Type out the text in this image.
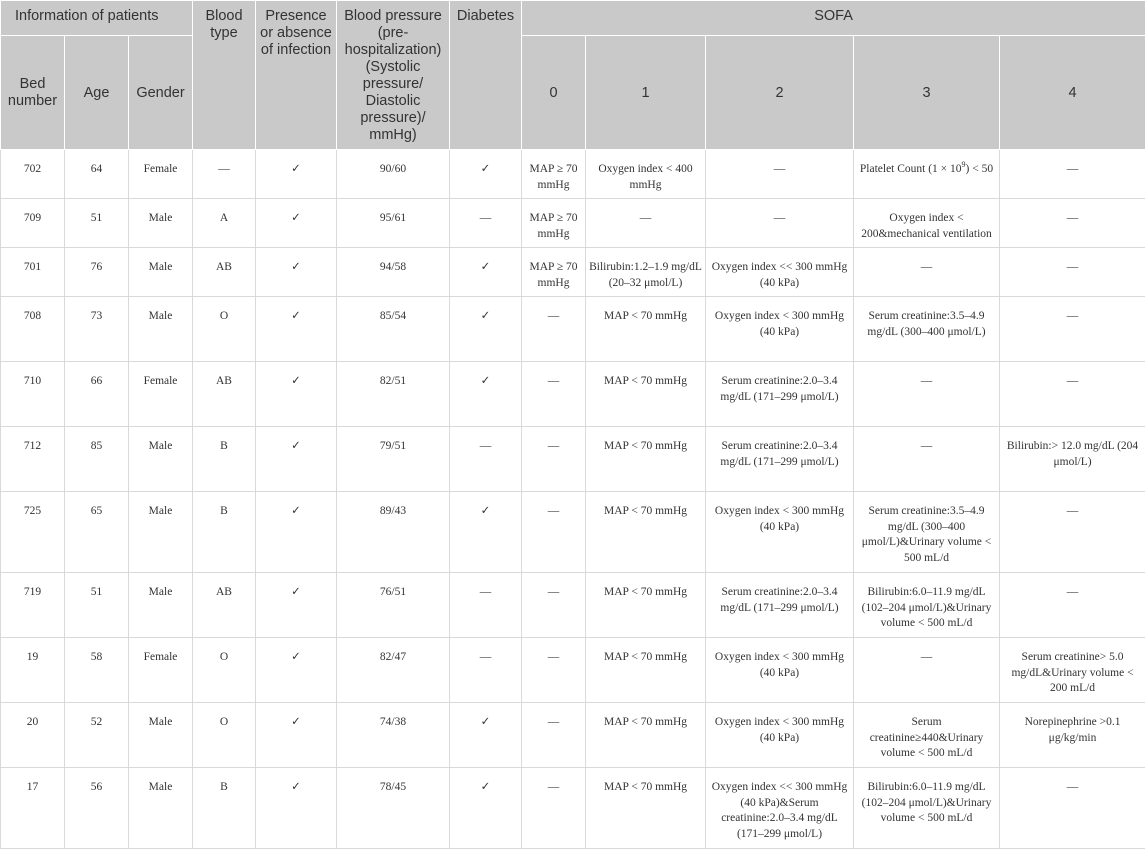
Information of patients			Blood type	Presence or absence of infection	Blood pressure (pre-hospitalization) (Systolic pressure/ Diastolic pressure)/ mmHg)	Diabetes	SOFA				
Bed number	Age	Gender					0	1	2	3	4
702	64	Female	—	✓	90/60	✓	MAP ≥ 70 mmHg	Oxygen index < 400 mmHg	—	Platelet Count $(1 \times 10^9) < 50$	—
709	51	Male	A	✓	95/61	—	MAP ≥ 70 mmHg	—	—	Oxygen index < 200&mechanical ventilation	—
701	76	Male	AB	✓	94/58	✓	MAP ≥ 70 mmHg	Bilirubin:1.2–1.9 mg/dL (20–32 μmol/L)	Oxygen index << 300 mmHg (40 kPa)	—	—
708	73	Male	O	✓	85/54	✓	—	MAP < 70 mmHg	Oxygen index < 300 mmHg (40 kPa)	Serum creatinine:3.5–4.9 mg/dL (300–400 μmol/L)	—
710	66	Female	AB	✓	82/51	✓	—	MAP < 70 mmHg	Serum creatinine:2.0–3.4 mg/dL (171–299 μmol/L)	—	—
712	85	Male	B	✓	79/51	—	—	MAP < 70 mmHg	Serum creatinine:2.0–3.4 mg/dL (171–299 μmol/L)	—	Bilirubin:> 12.0 mg/dL (204 μmol/L)
725	65	Male	B	✓	89/43	✓	—	MAP < 70 mmHg	Oxygen index < 300 mmHg (40 kPa)	Serum creatinine:3.5–4.9 mg/dL (300–400 μmol/L)&Urinary volume < 500 mL/d	—
719	51	Male	AB	✓	76/51	—	—	MAP < 70 mmHg	Serum creatinine:2.0–3.4 mg/dL (171–299 μmol/L)	Bilirubin:6.0–11.9 mg/dL (102–204 μmol/L)&Urinary volume < 500 mL/d	—
19	58	Female	O	✓	82/47	—	—	MAP < 70 mmHg	Oxygen index < 300 mmHg (40 kPa)	—	Serum creatinine> 5.0 mg/dL&Urinary volume < 200 mL/d
20	52	Male	O	✓	74/38	✓	—	MAP < 70 mmHg	Oxygen index < 300 mmHg (40 kPa)	Serum creatinine≥440&Urinary volume < 500 mL/d	Norepinephrine >0.1 μg/kg/min
17	56	Male	B	✓	78/45	✓	—	MAP < 70 mmHg	Oxygen index << 300 mmHg (40 kPa)&Serum creatinine:2.0–3.4 mg/dL (171–299 μmol/L)	Bilirubin:6.0–11.9 mg/dL (102–204 μmol/L)&Urinary volume < 500 mL/d	—
